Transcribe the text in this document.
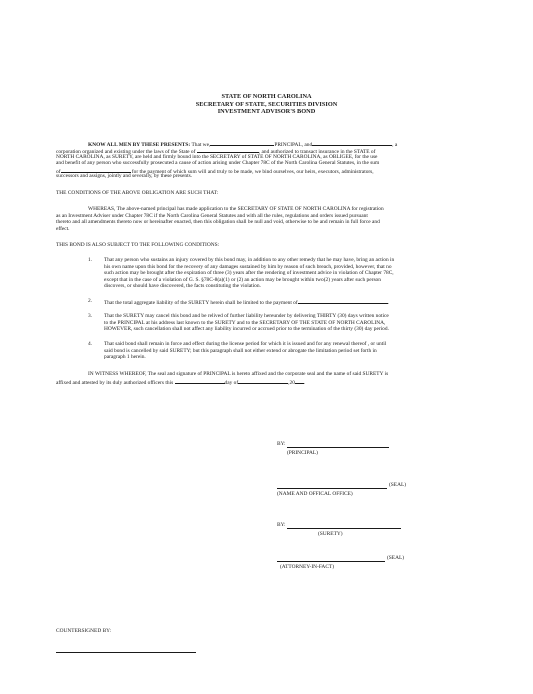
STATE OF NORTH CAROLINA
SECRETARY OF STATE, SECURITIES DIVISION
INVESTMENT ADVISOR'S BOND
KNOW ALL MEN BY THESE PRESENTS: That we,	PRINCIPAL, and	, a
corporation organized and existing under the laws of the State of	, and authorized to transact insurance in the STATE of
NORTH CAROLINA, as SURETY, are held and firmly bound into the SECRETARY of STATE OF NORTH CAROLINA, as OBLIGEE, for the use
and benefit of any person who successfully prosecuted a cause of action arising under Chapter 78C of the North Carolina General Statutes, in the sum
of	for the payment of which sum will and truly to be made, we bind ourselves, our heirs, executors, administrators,
successors and assigns, jointly and severally, by these presents.
THE CONDITIONS OF THE ABOVE OBLIGATION ARE SUCH THAT:
WHEREAS, The above-named principal has made application to the SECRETARY OF STATE OF NORTH CAROLINA for registration
as an Investment Adviser under Chapter 78C if the North Carolina General Statutes and with all the rules, regulations and orders issued pursuant
thereto and all amendments thereto now or hereinafter enacted, then this obligation shall be null and void, otherwise to be and remain in full force and
effect.
THIS BOND IS ALSO SUBJECT TO THE FOLLOWING CONDITIONS:
1. That any person who sustains an injury covered by this bond may, in addition to any other remedy that he may have, bring an action in
his own name upon this bond for the recovery of any damages sustained by him by reason of such breach, provided, however, that no
such action may be brought after the expiration of three (3) years after the rendering of investment advice in violation of Chapter 78C,
except that in the case of a violation of G. S. §78C-8(a)(1) or (2) an action may be brought within two(2) years after such person
discovers, or should have discovered, the facts constituting the violation.
2. That the total aggregate liability of the SURETY herein shall be limited to the payment of	.
3. That the SURETY may cancel this bond and be relived of further liability hereunder by delivering THIRTY (30) days written notice
to the PRINCIPAL at his address last known to the SURETY and to the SECRETARY OF THE STATE OF NORTH CAROLINA,
HOWEVER, such cancellation shall not affect any liability incurred or accrued prior to the termination of the thirty (30) day period.
4. That said bond shall remain in force and effect during the license period for which it is issued and for any renewal thereof , or until
said bond is cancelled by said SURETY; but this paragraph shall not either extend or abrogate the limitation period set forth in
paragraph 1 herein.
IN WITNESS WHEREOF, The seal and signature of PRINCIPAL is hereto affixed and the corporate seal and the name of said SURETY is
affixed and attested by its duly authorized officers this	day of	,20 .
BY:
(PRINCIPAL)
(SEAL)
(NAME AND OFFICAL OFFICE)
BY:
(SURETY)
(SEAL)
(ATTORNEY-IN-FACT)
COUNTERSIGNED BY:
